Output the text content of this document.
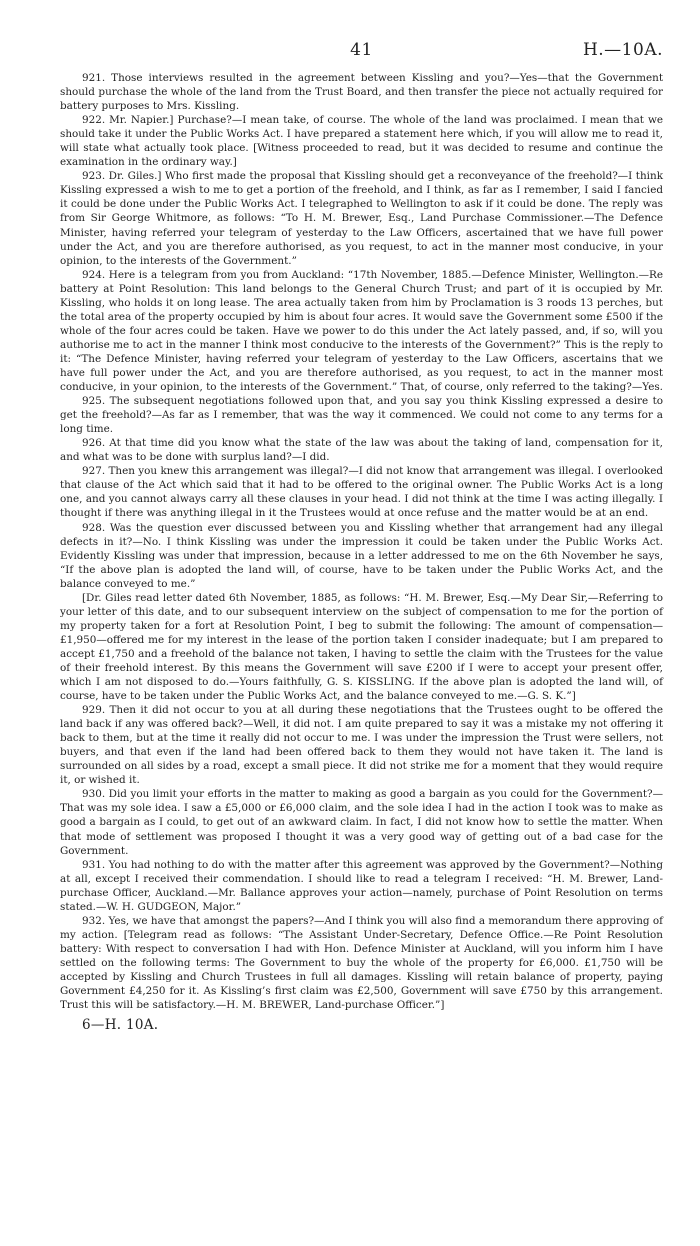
41	H.—10A.

921. Those interviews resulted in the agreement between Kissling and you?—Yes—that the Government should purchase the whole of the land from the Trust Board, and then transfer the piece not actually required for battery purposes to Mrs. Kissling.

922. Mr. Napier.] Purchase?—I mean take, of course. The whole of the land was proclaimed. I mean that we should take it under the Public Works Act. I have prepared a statement here which, if you will allow me to read it, will state what actually took place. [Witness proceeded to read, but it was decided to resume and continue the examination in the ordinary way.]

923. Dr. Giles.] Who first made the proposal that Kissling should get a reconveyance of the freehold?—I think Kissling expressed a wish to me to get a portion of the freehold, and I think, as far as I remember, I said I fancied it could be done under the Public Works Act. I telegraphed to Wellington to ask if it could be done. The reply was from Sir George Whitmore, as follows: “To H. M. Brewer, Esq., Land Purchase Commissioner.—The Defence Minister, having referred your telegram of yesterday to the Law Officers, ascertained that we have full power under the Act, and you are therefore authorised, as you request, to act in the manner most conducive, in your opinion, to the interests of the Government.”

924. Here is a telegram from you from Auckland: “17th November, 1885.—Defence Minister, Wellington.—Re battery at Point Resolution: This land belongs to the General Church Trust; and part of it is occupied by Mr. Kissling, who holds it on long lease. The area actually taken from him by Proclamation is 3 roods 13 perches, but the total area of the property occupied by him is about four acres. It would save the Government some £500 if the whole of the four acres could be taken. Have we power to do this under the Act lately passed, and, if so, will you authorise me to act in the manner I think most conducive to the interests of the Government?” This is the reply to it: “The Defence Minister, having referred your telegram of yesterday to the Law Officers, ascertains that we have full power under the Act, and you are therefore authorised, as you request, to act in the manner most conducive, in your opinion, to the interests of the Government.” That, of course, only referred to the taking?—Yes.

925. The subsequent negotiations followed upon that, and you say you think Kissling expressed a desire to get the freehold?—As far as I remember, that was the way it commenced. We could not come to any terms for a long time.

926. At that time did you know what the state of the law was about the taking of land, compensation for it, and what was to be done with surplus land?—I did.

927. Then you knew this arrangement was illegal?—I did not know that arrangement was illegal. I overlooked that clause of the Act which said that it had to be offered to the original owner. The Public Works Act is a long one, and you cannot always carry all these clauses in your head. I did not think at the time I was acting illegally. I thought if there was anything illegal in it the Trustees would at once refuse and the matter would be at an end.

928. Was the question ever discussed between you and Kissling whether that arrangement had any illegal defects in it?—No. I think Kissling was under the impression it could be taken under the Public Works Act. Evidently Kissling was under that impression, because in a letter addressed to me on the 6th November he says, “If the above plan is adopted the land will, of course, have to be taken under the Public Works Act, and the balance conveyed to me.”

[Dr. Giles read letter dated 6th November, 1885, as follows: “H. M. Brewer, Esq.—My Dear Sir,—Referring to your letter of this date, and to our subsequent interview on the subject of compensation to me for the portion of my property taken for a fort at Resolution Point, I beg to submit the following: The amount of compensation—£1,950—offered me for my interest in the lease of the portion taken I consider inadequate; but I am prepared to accept £1,750 and a freehold of the balance not taken, I having to settle the claim with the Trustees for the value of their freehold interest. By this means the Government will save £200 if I were to accept your present offer, which I am not disposed to do.—Yours faithfully, G. S. KISSLING. If the above plan is adopted the land will, of course, have to be taken under the Public Works Act, and the balance conveyed to me.—G. S. K.”]

929. Then it did not occur to you at all during these negotiations that the Trustees ought to be offered the land back if any was offered back?—Well, it did not. I am quite prepared to say it was a mistake my not offering it back to them, but at the time it really did not occur to me. I was under the impression the Trust were sellers, not buyers, and that even if the land had been offered back to them they would not have taken it. The land is surrounded on all sides by a road, except a small piece. It did not strike me for a moment that they would require it, or wished it.

930. Did you limit your efforts in the matter to making as good a bargain as you could for the Government?—That was my sole idea. I saw a £5,000 or £6,000 claim, and the sole idea I had in the action I took was to make as good a bargain as I could, to get out of an awkward claim. In fact, I did not know how to settle the matter. When that mode of settlement was proposed I thought it was a very good way of getting out of a bad case for the Government.

931. You had nothing to do with the matter after this agreement was approved by the Government?—Nothing at all, except I received their commendation. I should like to read a telegram I received: “H. M. Brewer, Land-purchase Officer, Auckland.—Mr. Ballance approves your action—namely, purchase of Point Resolution on terms stated.—W. H. GUDGEON, Major.”

932. Yes, we have that amongst the papers?—And I think you will also find a memorandum there approving of my action. [Telegram read as follows: “The Assistant Under-Secretary, Defence Office.—Re Point Resolution battery: With respect to conversation I had with Hon. Defence Minister at Auckland, will you inform him I have settled on the following terms: The Government to buy the whole of the property for £6,000. £1,750 will be accepted by Kissling and Church Trustees in full all damages. Kissling will retain balance of property, paying Government £4,250 for it. As Kissling’s first claim was £2,500, Government will save £750 by this arrangement. Trust this will be satisfactory.—H. M. BREWER, Land-purchase Officer.”]

6—H. 10A.
